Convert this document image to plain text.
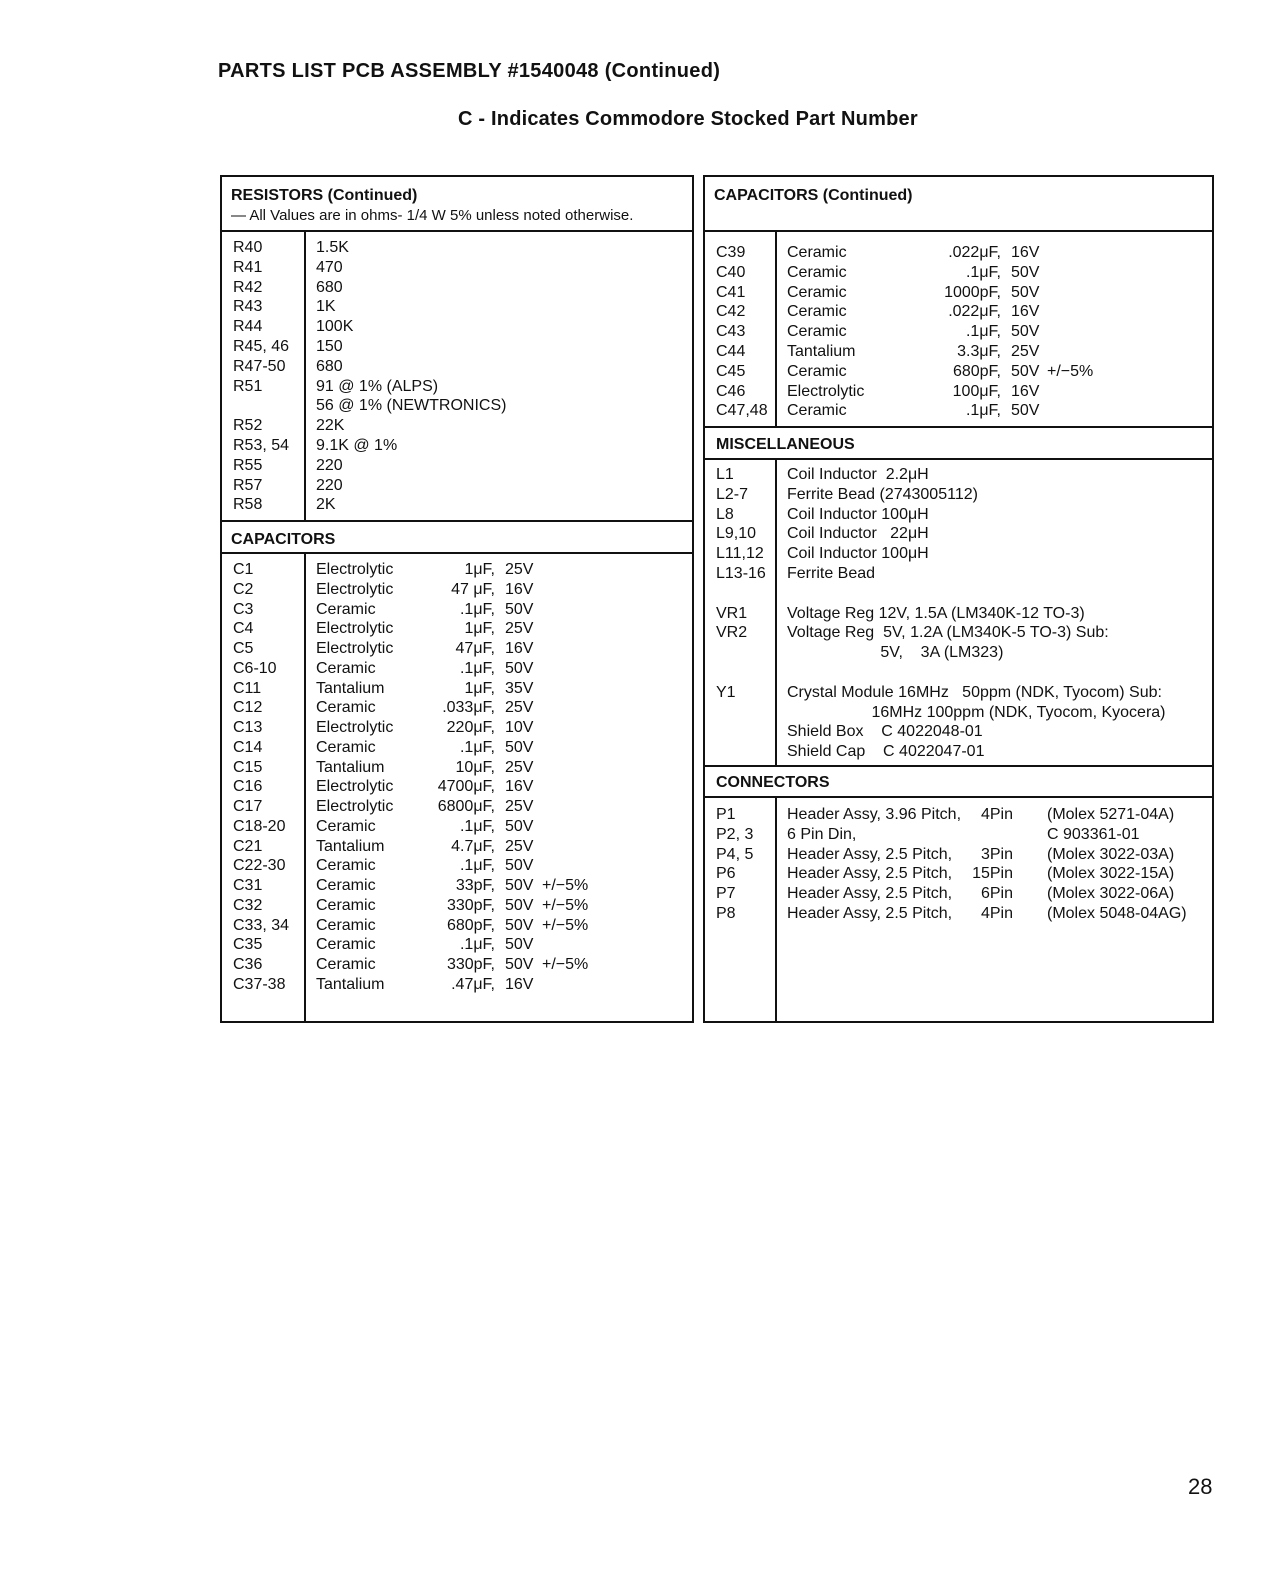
PARTS LIST PCB ASSEMBLY #1540048 (Continued)
C - Indicates Commodore Stocked Part Number
RESISTORS (Continued)
— All Values are in ohms- 1/4 W 5% unless noted otherwise.
R40	1.5K
R41	470
R42	680
R43	1K
R44	100K
R45, 46 150
R47-50 680
R51	91 @ 1% (ALPS)
56 @ 1% (NEWTRONICS)
R52	22K
R53, 54 9.1K @ 1%
R55	220
R57	220
R58	2K
CAPACITORS
C1	Electrolytic	1μF, 25V
C2	Electrolytic	47 μF, 16V
C3	Ceramic	.1μF, 50V
C4	Electrolytic	1μF, 25V
C5	Electrolytic	47μF, 16V
C6-10 Ceramic	.1μF, 50V
C11	Tantalium	1μF, 35V
C12	Ceramic	.033μF, 25V
C13	Electrolytic	220μF, 10V
C14	Ceramic	.1μF, 50V
C15	Tantalium	10μF, 25V
C16	Electrolytic	4700μF, 16V
C17	Electrolytic	6800μF, 25V
C18-20 Ceramic	.1μF, 50V
C21	Tantalium	4.7μF, 25V
C22-30 Ceramic	.1μF, 50V
C31	Ceramic	33pF, 50V +/−5%
C32	Ceramic	330pF, 50V +/−5%
C33, 34 Ceramic	680pF, 50V +/−5%
C35	Ceramic	.1μF, 50V
C36	Ceramic	330pF, 50V +/−5%
C37-38 Tantalium	.47μF, 16V
CAPACITORS (Continued)
C39	Ceramic	.022μF, 16V
C40	Ceramic	.1μF, 50V
C41	Ceramic	1000pF, 50V
C42	Ceramic	.022μF, 16V
C43	Ceramic	.1μF, 50V
C44	Tantalium	3.3μF, 25V
C45	Ceramic	680pF, 50V +/−5%
C46	Electrolytic	100μF, 16V
C47,48 Ceramic	.1μF, 50V
MISCELLANEOUS
L1	Coil Inductor  2.2μH
L2-7 Ferrite Bead (2743005112)
L8	Coil Inductor 100μH
L9,10 Coil Inductor   22μH
L11,12 Coil Inductor 100μH
L13-16 Ferrite Bead
VR1 Voltage Reg 12V, 1.5A (LM340K-12 TO-3)
VR2 Voltage Reg  5V, 1.2A (LM340K-5 TO-3) Sub:
5V,    3A (LM323)
Y1	Crystal Module 16MHz   50ppm (NDK, Tyocom) Sub:
16MHz 100ppm (NDK, Tyocom, Kyocera)
Shield Box    C 4022048-01
Shield Cap    C 4022047-01
CONNECTORS
P1	Header Assy, 3.96 Pitch,	4Pin (Molex 5271-04A)
P2, 3 6 Pin Din,	C 903361-01
P4, 5 Header Assy, 2.5 Pitch,	3Pin (Molex 3022-03A)
P6	Header Assy, 2.5 Pitch,	15Pin (Molex 3022-15A)
P7	Header Assy, 2.5 Pitch,	6Pin (Molex 3022-06A)
P8	Header Assy, 2.5 Pitch,	4Pin (Molex 5048-04AG)
28
